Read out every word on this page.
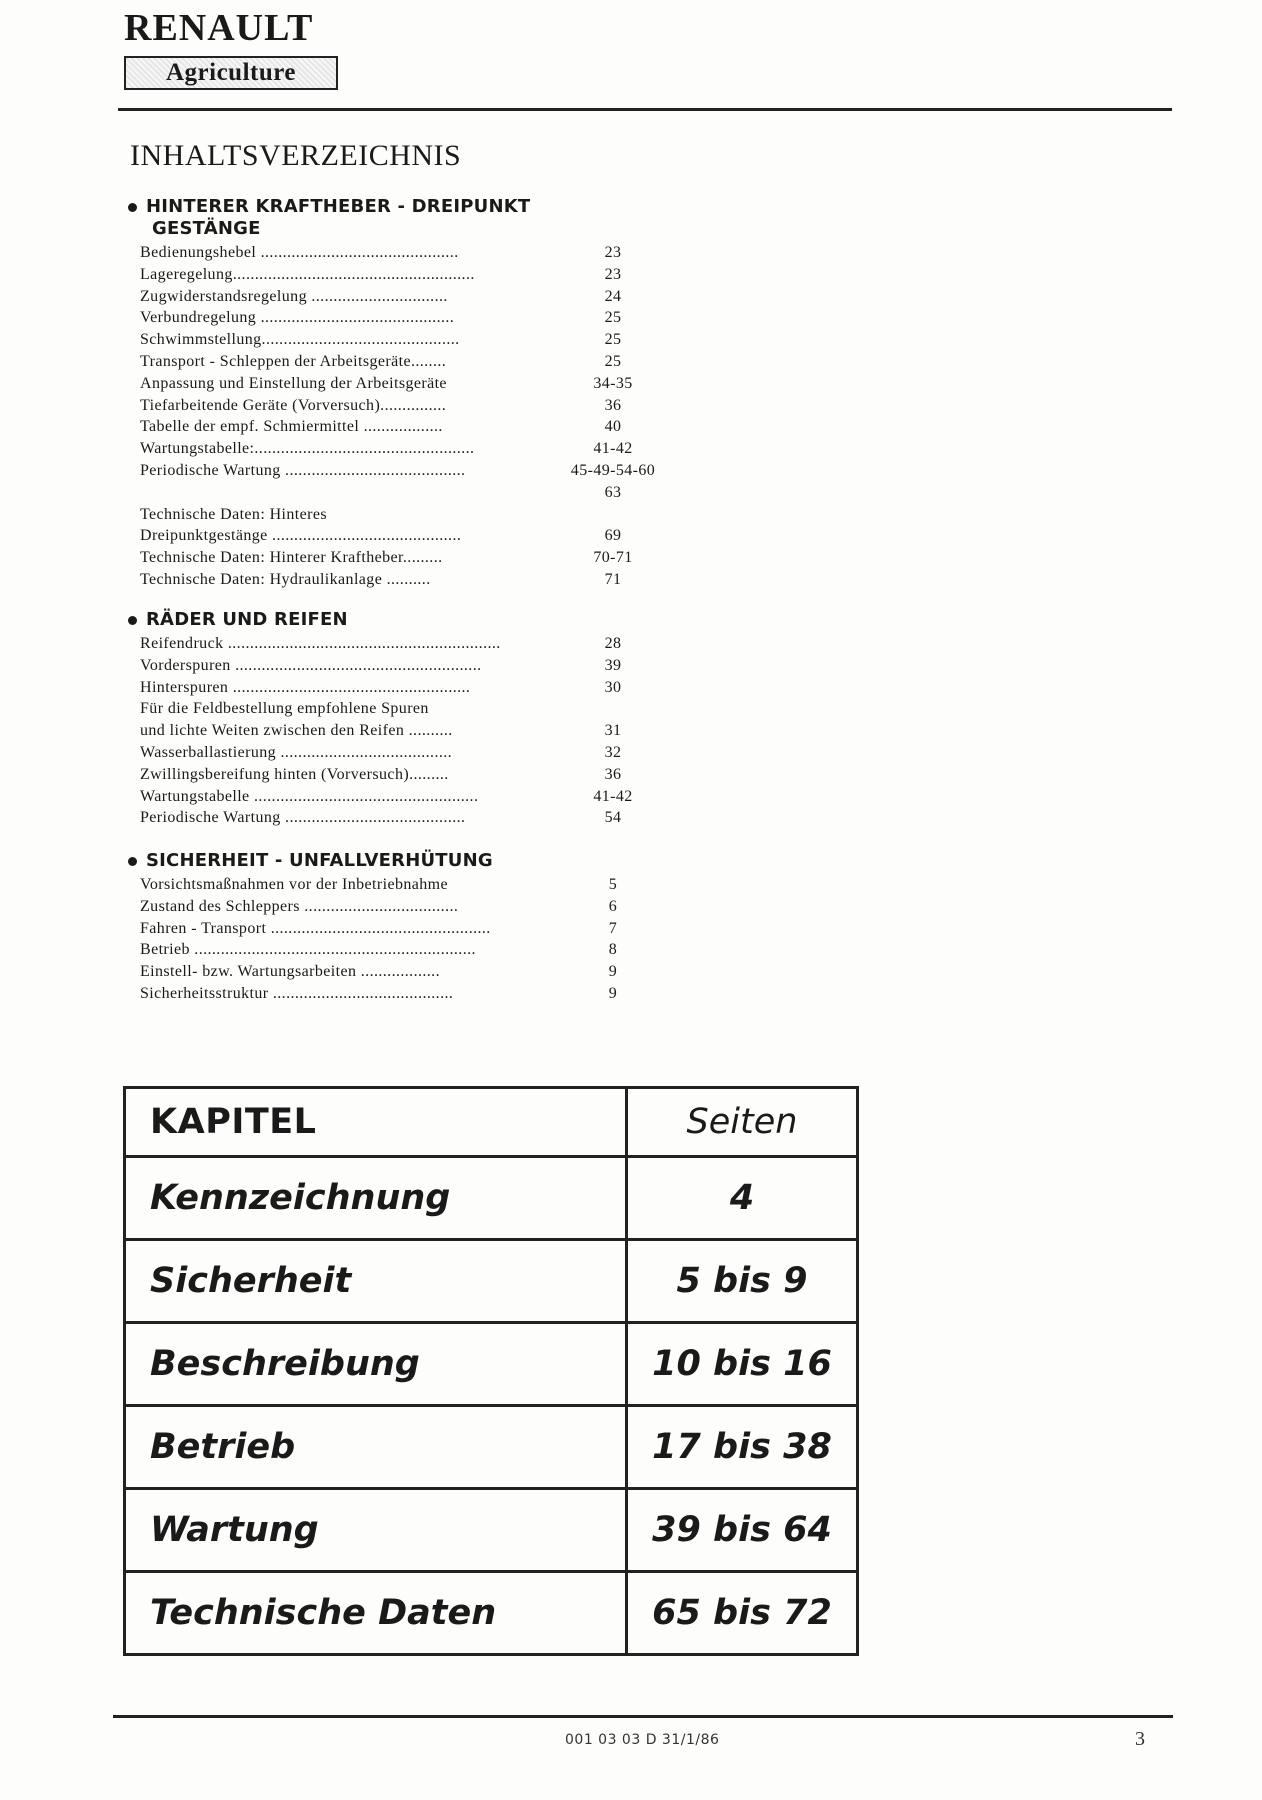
RENAULT
Agriculture
INHALTSVERZEICHNIS
HINTERER KRAFTHEBER - DREIPUNKT
GESTÄNGE
Bedienungshebel .............................................	23
Lageregelung.......................................................	23
Zugwiderstandsregelung ...............................	24
Verbundregelung ............................................	25
Schwimmstellung.............................................	25
Transport - Schleppen der Arbeitsgeräte........	25
Anpassung und Einstellung der Arbeitsgeräte	34-35
Tiefarbeitende Geräte (Vorversuch)...............	36
Tabelle der empf. Schmiermittel ..................	40
Wartungstabelle:..................................................	41-42
Periodische Wartung .........................................	45-49-54-60
63
Technische Daten: Hinteres
Dreipunktgestänge ...........................................	69
Technische Daten: Hinterer Kraftheber.........	70-71
Technische Daten: Hydraulikanlage ..........	71
RÄDER UND REIFEN
Reifendruck ..............................................................	28
Vorderspuren ........................................................	39
Hinterspuren ......................................................	30
Für die Feldbestellung empfohlene Spuren
und lichte Weiten zwischen den Reifen ..........	31
Wasserballastierung .......................................	32
Zwillingsbereifung hinten (Vorversuch).........	36
Wartungstabelle ...................................................	41-42
Periodische Wartung .........................................	54
SICHERHEIT - UNFALLVERHÜTUNG
Vorsichtsmaßnahmen vor der Inbetriebnahme	5
Zustand des Schleppers ...................................	6
Fahren - Transport ..................................................	7
Betrieb ................................................................	8
Einstell- bzw. Wartungsarbeiten ..................	9
Sicherheitsstruktur .........................................	9
KAPITEL	Seiten
Kennzeichnung	4
Sicherheit	5 bis 9
Beschreibung	10 bis 16
Betrieb	17 bis 38
Wartung	39 bis 64
Technische Daten	65 bis 72
001 03 03 D 31/1/86	3
